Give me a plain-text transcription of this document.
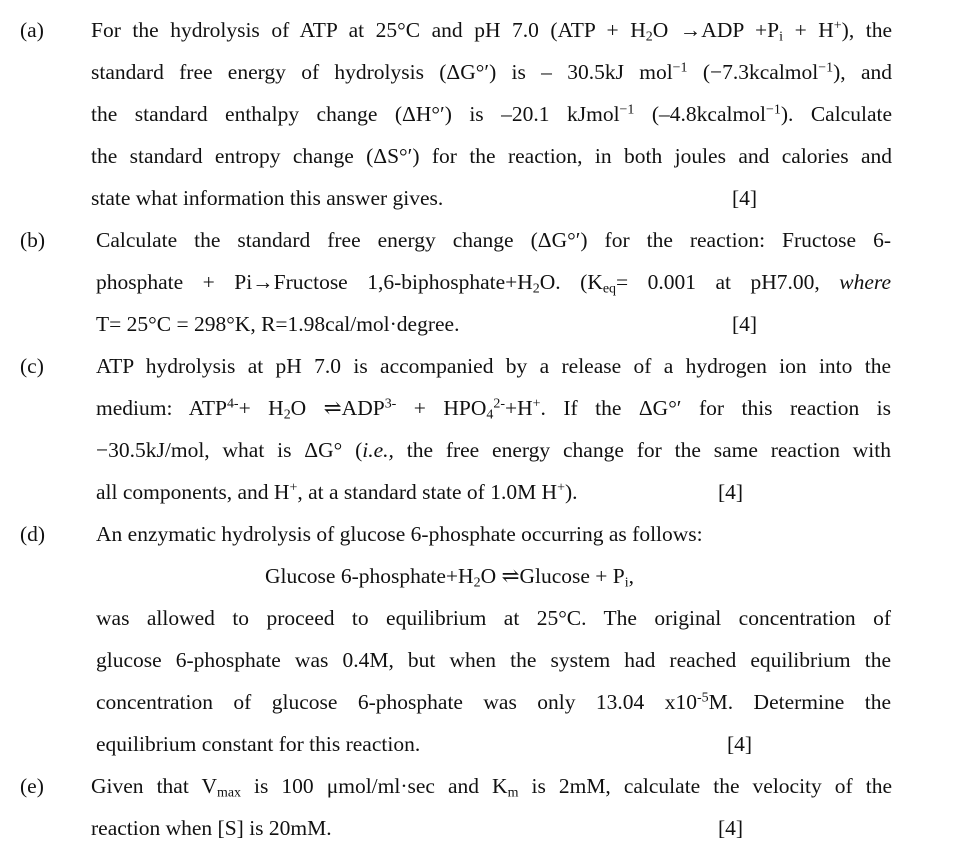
(a) For the hydrolysis of ATP at 25°C and pH 7.0 $(ATP + H_2O \to ADP +P_i + H^+)$, the
standard free energy of hydrolysis (ΔG°′) is – 30.5kJ mol$^{-1}$ (−7.3kcalmol$^{-1}$), and
the standard enthalpy change (ΔH°′) is –20.1 kJmol$^{-1}$ (–4.8kcalmol$^{-1}$). Calculate
the standard entropy change (ΔS°′) for the reaction, in both joules and calories and
state what information this answer gives.	[4]
(b) Calculate the standard free energy change (ΔG°′) for the reaction: Fructose 6-
phosphate + Pi→Fructose $1,6-biphosphate+H_2O$. ($K_{eq}= 0.001$ at pH7.00, where
T= 25°C = 298°K, R=1.98cal/mol·degree.	[4]
(c) ATP hydrolysis at pH 7.0 is accompanied by a release of a hydrogen ion into the
medium: $ATP^{4-}+ H_2O$ $\rightleftharpoons ADP^{3-} + HPO_4^{2-}+H^+$. If the ΔG°′ for this reaction is
−30.5kJ/mol, what is ΔG° (i.e., the free energy change for the same reaction with
all components, and H+, at a standard state of 1.0M H+).	[4]
(d) An enzymatic hydrolysis of glucose 6-phosphate occurring as follows:
Glucose $6-phosphate+H_2O$ ⇌Glucose + $P_i$,
was allowed to proceed to equilibrium at 25°C. The original concentration of
glucose 6-phosphate was 0.4M, but when the system had reached equilibrium the
concentration of glucose 6-phosphate was only 13.04 $x10^{-5}M$. Determine the
equilibrium constant for this reaction.	[4]
(e) Given that $V_{max}$ is 100 μmol/ml·sec and $K_m$ is 2mM, calculate the velocity of the
reaction when [S] is 20mM.	[4]
